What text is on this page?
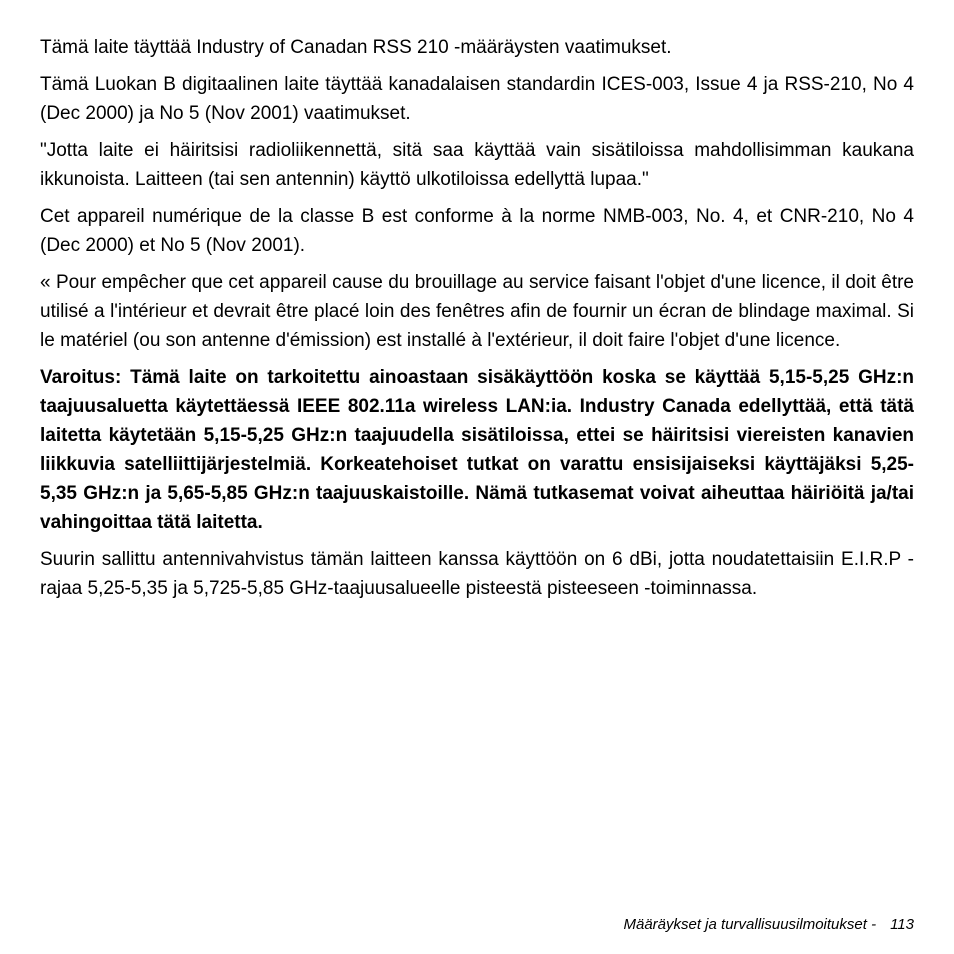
Tämä laite täyttää Industry of Canadan RSS 210 -määräysten vaatimukset.

Tämä Luokan B digitaalinen laite täyttää kanadalaisen standardin ICES-003, Issue 4 ja RSS-210, No 4 (Dec 2000) ja No 5 (Nov 2001) vaatimukset.

"Jotta laite ei häiritsisi radioliikennettä, sitä saa käyttää vain sisätiloissa mahdollisimman kaukana ikkunoista. Laitteen (tai sen antennin) käyttö ulkotiloissa edellyttä lupaa."

Cet appareil numérique de la classe B est conforme à la norme NMB-003, No. 4, et CNR-210, No 4 (Dec 2000) et No 5 (Nov 2001).

« Pour empêcher que cet appareil cause du brouillage au service faisant l'objet d'une licence, il doit être utilisé a l'intérieur et devrait être placé loin des fenêtres afin de fournir un écran de blindage maximal. Si le matériel (ou son antenne d'émission) est installé à l'extérieur, il doit faire l'objet d'une licence.

Varoitus: Tämä laite on tarkoitettu ainoastaan sisäkäyttöön koska se käyttää 5,15-5,25 GHz:n taajuusaluetta käytettäessä IEEE 802.11a wireless LAN:ia. Industry Canada edellyttää, että tätä laitetta käytetään 5,15-5,25 GHz:n taajuudella sisätiloissa, ettei se häiritsisi viereisten kanavien liikkuvia satelliittijärjestelmiä. Korkeatehoiset tutkat on varattu ensisijaiseksi käyttäjäksi 5,25-5,35 GHz:n ja 5,65-5,85 GHz:n taajuuskaistoille. Nämä tutkasemat voivat aiheuttaa häiriöitä ja/tai vahingoittaa tätä laitetta.

Suurin sallittu antennivahvistus tämän laitteen kanssa käyttöön on 6 dBi, jotta noudatettaisiin E.I.R.P -rajaa 5,25-5,35 ja 5,725-5,85 GHz-taajuusalueelle pisteestä pisteeseen -toiminnassa.

Määräykset ja turvallisuusilmoitukset - 113
